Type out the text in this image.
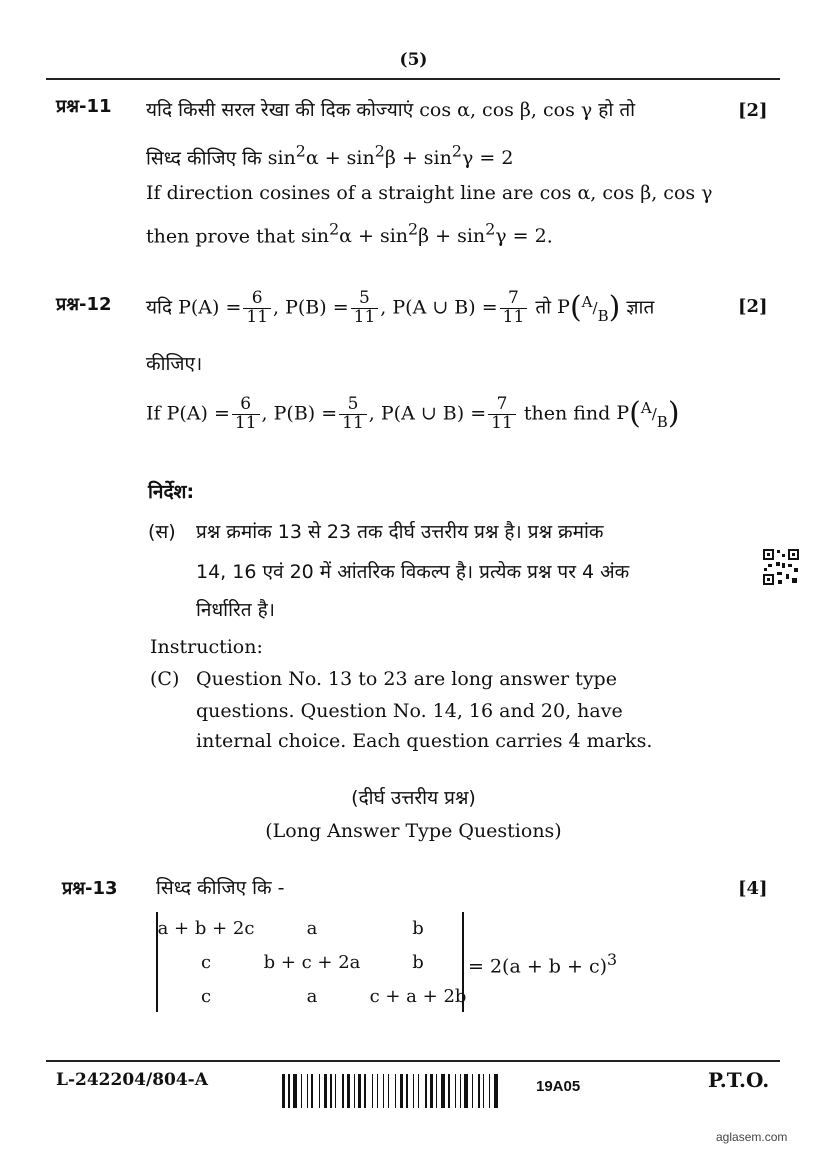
(5)
प्रश्न-11	[2]
यदि किसी सरल रेखा की दिक कोज्याएं cos α, cos β, cos γ हो तो
सिध्द कीजिए कि $\sin^2\alpha + \sin^2\beta + \sin^2\gamma = 2$
If direction cosines of a straight line are cos α, cos β, cos γ
then prove that $\sin^2\alpha + \sin^2\beta + \sin^2\gamma = 2$.
प्रश्न-12	[2]
यदि $P(A) = \frac{6}{11}$ , $P(B) = \frac{5}{11}$ , P(A ∪ $B) = \frac{7}{11}$ तो P(A/B) ज्ञात
कीजिए।
If $P(A) = \frac{6}{11}$ , $P(B) = \frac{5}{11}$ , P(A ∪ $B) = \frac{7}{11}$ then find P(A/B)
निर्देश:
(स) प्रश्न क्रमांक 13 से 23 तक दीर्घ उत्तरीय प्रश्न है। प्रश्न क्रमांक
14, 16 एवं 20 में आंतरिक विकल्प है। प्रत्येक प्रश्न पर 4 अंक
निर्धारित है।
Instruction:
(C) Question No. 13 to 23 are long answer type
questions. Question No. 14, 16 and 20, have
internal choice. Each question carries 4 marks.
(दीर्घ उत्तरीय प्रश्न)
(Long Answer Type Questions)
प्रश्न-13 सिध्द कीजिए कि -	[4]
a + b + 2c	a	b
c	b + c + 2a	b
c	a	c + a + 2b
= $2(a + b + c)^3$
L-242204/804-A	19A05	P.T.O.
aglasem.com
